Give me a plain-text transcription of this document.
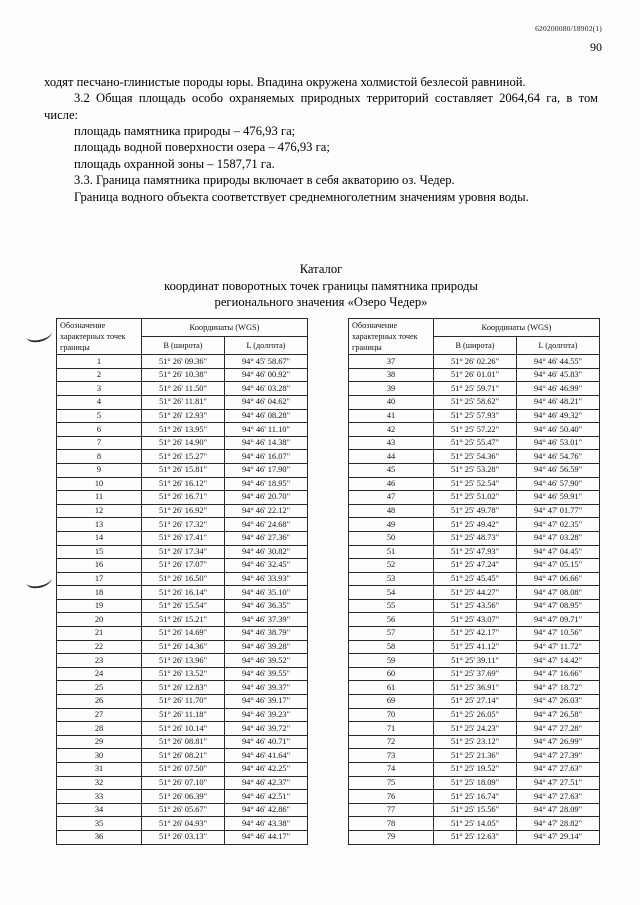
620200080/18902(1)
90

ходят песчано-глинистые породы юры. Впадина окружена холмистой безлесой равниной.

3.2 Общая площадь особо охраняемых природных территорий составляет 2064,64 га, в том числе:

площадь памятника природы – 476,93 га;

площадь водной поверхности озера – 476,93 га;

площадь охранной зоны – 1587,71 га.

3.3. Граница памятника природы включает в себя акваторию оз. Чедер.

Граница водного объекта соответствует среднемноголетним значениям уровня воды.

Каталог
координат поворотных точек границы памятника природы
регионального значения «Озеро Чедер»
Обозначение характерных точек границы	Координаты (WGS)	
	B (широта)	L (долгота)
1	51° 26' 09.36"	94° 45' 58.67"
2	51° 26' 10.38"	94° 46' 00.92"
3	51° 26' 11.50"	94° 46' 03.28"
4	51° 26' 11.81"	94° 46' 04.62"
5	51° 26' 12.93"	94° 46' 08.28"
6	51° 26' 13.95"	94° 46' 11.10"
7	51° 26' 14.90"	94° 46' 14.38"
8	51° 26' 15.27"	94° 46' 16.07"
9	51° 26' 15.81"	94° 46' 17.90"
10	51° 26' 16.12"	94° 46' 18.95"
11	51° 26' 16.71"	94° 46' 20.70"
12	51° 26' 16.92"	94° 46' 22.12"
13	51° 26' 17.32"	94° 46' 24.68"
14	51° 26' 17.41"	94° 46' 27.36"
15	51° 26' 17.34"	94° 46' 30.82"
16	51° 26' 17.07"	94° 46' 32.45"
17	51° 26' 16.50"	94° 46' 33.93"
18	51° 26' 16.14"	94° 46' 35.10"
19	51° 26' 15.54"	94° 46' 36.35"
20	51° 26' 15.21"	94° 46' 37.39"
21	51° 26' 14.69"	94° 46' 38.79"
22	51° 26' 14.36"	94° 46' 39.28"
23	51° 26' 13.96"	94° 46' 39.52"
24	51° 26' 13.52"	94° 46' 39.55"
25	51° 26' 12.83"	94° 46' 39.37"
26	51° 26' 11.70"	94° 46' 39.17"
27	51° 26' 11.18"	94° 46' 39.23"
28	51° 26' 10.14"	94° 46' 39.72"
29	51° 26' 08.81"	94° 46' 40.71"
30	51° 26' 08.21"	94° 46' 41.64"
31	51° 26' 07.50"	94° 46' 42.25"
32	51° 26' 07.10"	94° 46' 42.37"
33	51° 26' 06.39"	94° 46' 42.51"
34	51° 26' 05.67"	94° 46' 42.86"
35	51° 26' 04.93"	94° 46' 43.38"
36	51° 26' 03.13"	94° 46' 44.17"
Обозначение характерных точек границы	Координаты (WGS)	
	B (широта)	L (долгота)
37	51° 26' 02.26"	94° 46' 44.55"
38	51° 26' 01.01"	94° 46' 45.83"
39	51° 25' 59.71"	94° 46' 46.99"
40	51° 25' 58.62"	94° 46' 48.21"
41	51° 25' 57.93"	94° 46' 49.32"
42	51° 25' 57.22"	94° 46' 50.40"
43	51° 25' 55.47"	94° 46' 53.01"
44	51° 25' 54.36"	94° 46' 54.76"
45	51° 25' 53.28"	94° 46' 56.59"
46	51° 25' 52.54"	94° 46' 57.90"
47	51° 25' 51.02"	94° 46' 59.91"
48	51° 25' 49.78"	94° 47' 01.77"
49	51° 25' 49.42"	94° 47' 02.35"
50	51° 25' 48.73"	94° 47' 03.28"
51	51° 25' 47.93"	94° 47' 04.45"
52	51° 25' 47.24"	94° 47' 05.15"
53	51° 25' 45.45"	94° 47' 06.66"
54	51° 25' 44.27"	94° 47' 08.08"
55	51° 25' 43.56"	94° 47' 08.95"
56	51° 25' 43.07"	94° 47' 09.71"
57	51° 25' 42.17"	94° 47' 10.56"
58	51° 25' 41.12"	94° 47' 11.72"
59	51° 25' 39.11"	94° 47' 14.42"
60	51° 25' 37.69"	94° 47' 16.66"
61	51° 25' 36.91"	94° 47' 18.72"
69	51° 25' 27.14"	94° 47' 26.03"
70	51° 25' 26.05"	94° 47' 26.58"
71	51° 25' 24.23"	94° 47' 27.28"
72	51° 25' 23.12"	94° 47' 26.99"
73	51° 25' 21.36"	94° 47' 27.39"
74	51° 25' 19.52"	94° 47' 27.63"
75	51° 25' 18.09"	94° 47' 27.51"
76	51° 25' 16.74"	94° 47' 27.63"
77	51° 25' 15.56"	94° 47' 28.09"
78	51° 25' 14.05"	94° 47' 28.82"
79	51° 25' 12.63"	94° 47' 29.14"
